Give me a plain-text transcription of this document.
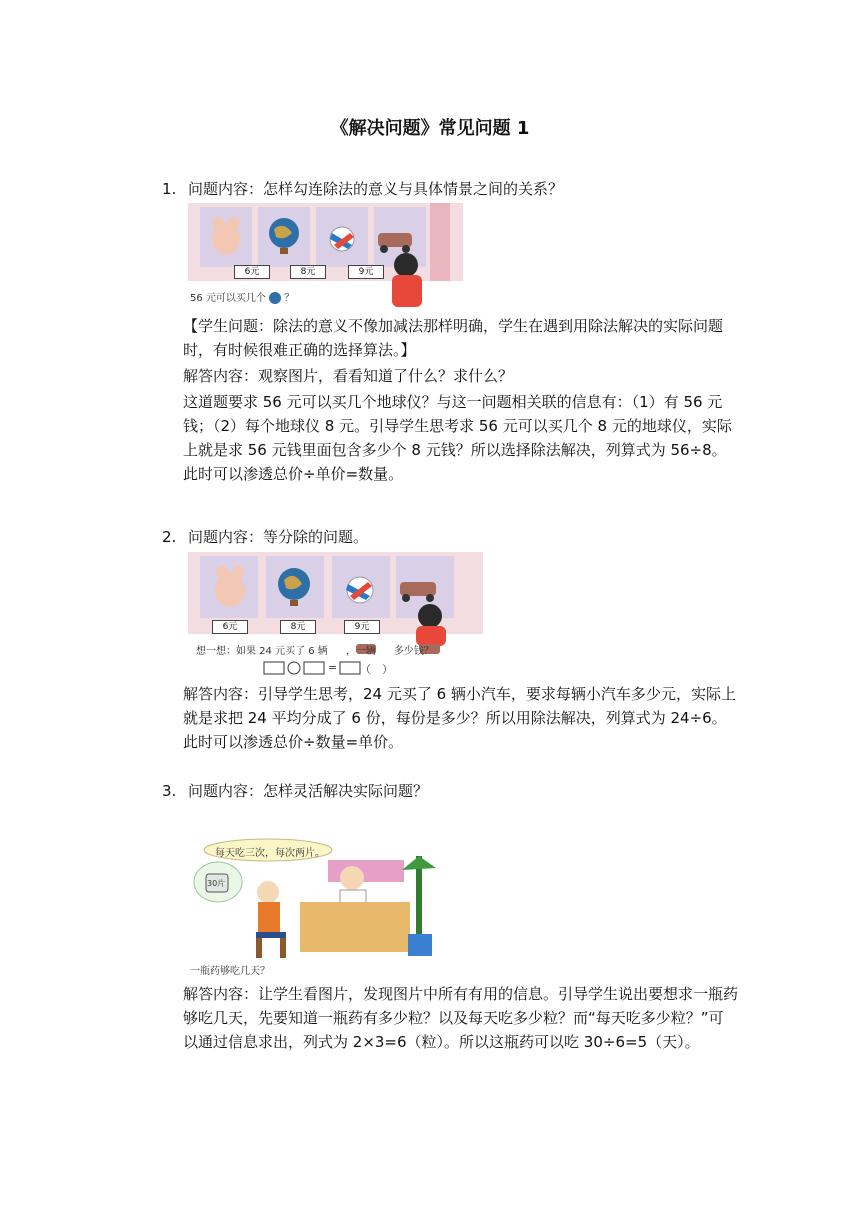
《解决问题》常见问题 1
1. 问题内容：怎样勾连除法的意义与具体情景之间的关系？
6元	8元	9元
56 元可以买几个 ？
【学生问题：除法的意义不像加减法那样明确，学生在遇到用除法解决的实际问题时，有时候很难正确的选择算法。】
解答内容：观察图片，看看知道了什么？求什么？
这道题要求 56 元可以买几个地球仪？与这一问题相关联的信息有：（1）有 56 元钱；（2）每个地球仪 8 元。引导学生思考求 56 元可以买几个 8 元的地球仪，实际上就是求 56 元钱里面包含多少个 8 元钱？所以选择除法解决，列算式为 56÷8。此时可以渗透总价÷单价=数量。
2. 问题内容：等分除的问题。
6元	8元	9元
想一想：如果 24 元买了 6 辆 ，一辆 多少钱？
= （　）
解答内容：引导学生思考，24 元买了 6 辆小汽车，要求每辆小汽车多少元，实际上就是求把 24 平均分成了 6 份，每份是多少？所以用除法解决，列算式为 24÷6。此时可以渗透总价÷数量=单价。
3. 问题内容：怎样灵活解决实际问题？
每天吃三次，每次两片。
30片
一瓶药够吃几天？
解答内容：让学生看图片，发现图片中所有有用的信息。引导学生说出要想求一瓶药够吃几天，先要知道一瓶药有多少粒？以及每天吃多少粒？而“每天吃多少粒？”可以通过信息求出，列式为 2×3=6（粒）。所以这瓶药可以吃 30÷6=5（天）。
